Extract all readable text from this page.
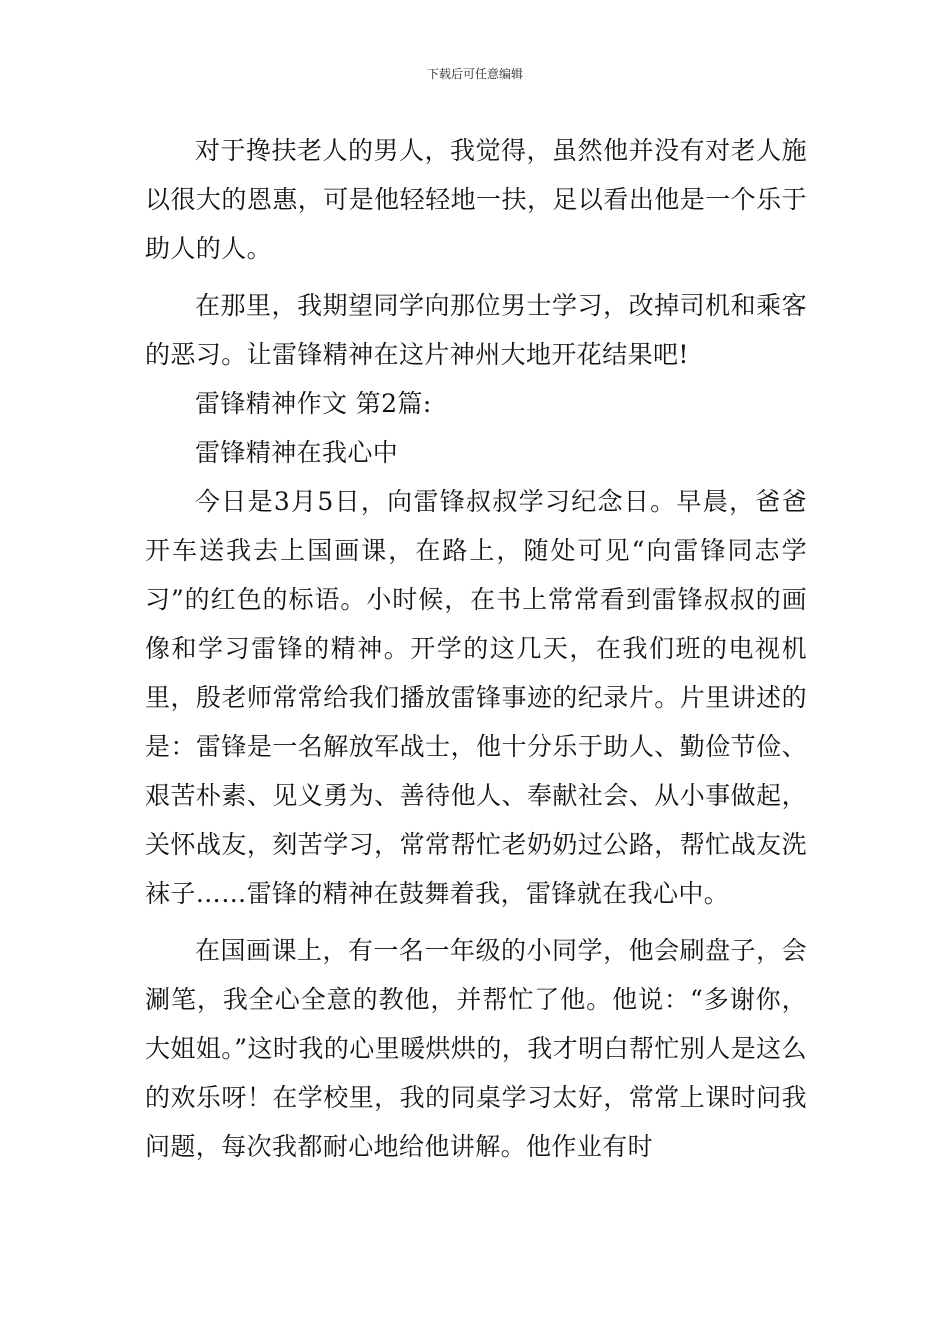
下载后可任意编辑

对于搀扶老人的男人，我觉得，虽然他并没有对老人施以很大的恩惠，可是他轻轻地一扶，足以看出他是一个乐于助人的人。

在那里，我期望同学向那位男士学习，改掉司机和乘客的恶习。让雷锋精神在这片神州大地开花结果吧!

雷锋精神作文 第2篇:

雷锋精神在我心中

今日是3月5日，向雷锋叔叔学习纪念日。早晨，爸爸开车送我去上国画课，在路上，随处可见“向雷锋同志学习”的红色的标语。小时候，在书上常常看到雷锋叔叔的画像和学习雷锋的精神。开学的这几天，在我们班的电视机里，殷老师常常给我们播放雷锋事迹的纪录片。片里讲述的是：雷锋是一名解放军战士，他十分乐于助人、勤俭节俭、艰苦朴素、见义勇为、善待他人、奉献社会、从小事做起，关怀战友，刻苦学习，常常帮忙老奶奶过公路，帮忙战友洗袜子……雷锋的精神在鼓舞着我，雷锋就在我心中。

在国画课上，有一名一年级的小同学，他会刷盘子，会涮笔，我全心全意的教他，并帮忙了他。他说：“多谢你，大姐姐。”这时我的心里暖烘烘的，我才明白帮忙别人是这么的欢乐呀！在学校里，我的同桌学习太好，常常上课时问我问题，每次我都耐心地给他讲解。他作业有时
